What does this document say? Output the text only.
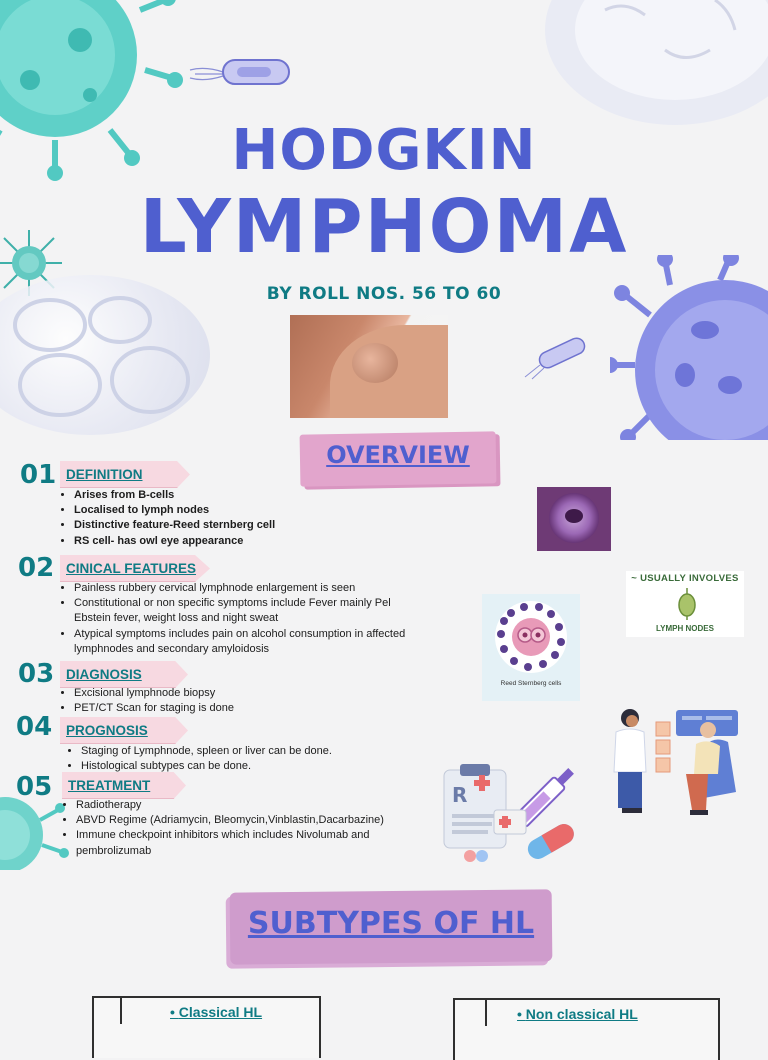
HODGKIN
LYMPHOMA
BY ROLL NOS. 56 TO 60
OVERVIEW
01 DEFINITION
• Arises from B-cells
• Localised to lymph nodes
• Distinctive feature-Reed sternberg cell
• RS cell- has owl eye appearance
02 CINICAL FEATURES
• Painless rubbery cervical lymphnode enlargement is seen
• Constitutional or non specific symptoms include Fever mainly Pel Ebstein fever, weight loss and night sweat
• Atypical symptoms includes pain on alcohol consumption in affected lymphnodes and secondary amyloidosis
03 DIAGNOSIS
• Excisional lymphnode biopsy
• PET/CT Scan for staging is done
04 PROGNOSIS
• Staging of Lymphnode, spleen or liver can be done.
• Histological subtypes can be done.
05 TREATMENT
• Radiotherapy
• ABVD Regime (Adriamycin, Bleomycin,Vinblastin,Dacarbazine)
• Immune checkpoint inhibitors which includes Nivolumab and pembrolizumab
~ USUALLY INVOLVES
LYMPH NODES
Reed Sternberg cells
R
SUBTYPES OF HL
• Classical HL	• Non classical HL
